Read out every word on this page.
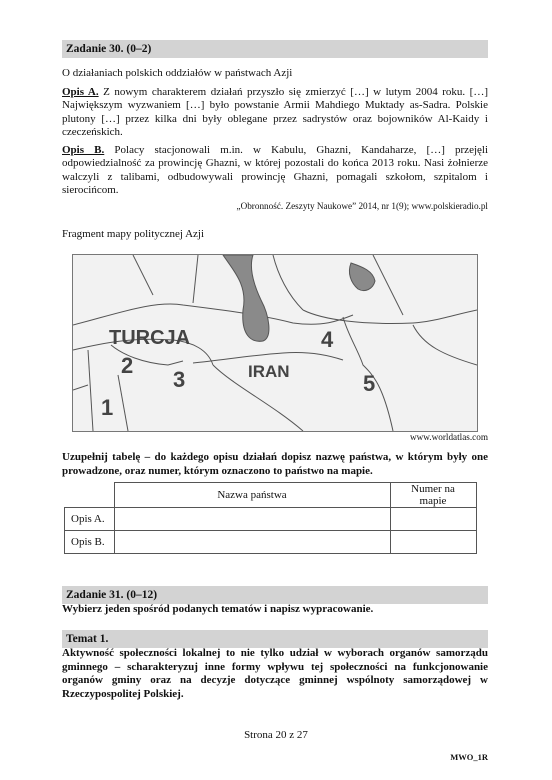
Zadanie 30. (0–2)

O działaniach polskich oddziałów w państwach Azji

Opis A. Z nowym charakterem działań przyszło się zmierzyć […] w lutym 2004 roku. […] Największym wyzwaniem […] było powstanie Armii Mahdiego Muktady as-Sadra. Polskie plutony […] przez kilka dni były oblegane przez sadrystów oraz bojowników Al-Kaidy i czeczeńskich.

Opis B. Polacy stacjonowali m.in. w Kabulu, Ghazni, Kandaharze, […] przejęli odpowiedzialność za prowincję Ghazni, w której pozostali do końca 2013 roku. Nasi żołnierze walczyli z talibami, odbudowywali prowincję Ghazni, pomagali szkołom, szpitalom i sierocińcom.

„Obronność. Zeszyty Naukowe” 2014, nr 1(9); www.polskieradio.pl

Fragment mapy politycznej Azji

TURCJA
IRAN
1
2
3
4
5
www.worldatlas.com

Uzupełnij tabelę – do każdego opisu działań dopisz nazwę państwa, w którym były one prowadzone, oraz numer, którym oznaczono to państwo na mapie.

	Nazwa państwa	Numer na mapie
Opis A.		
Opis B.		
Zadanie 31. (0–12)

Wybierz jeden spośród podanych tematów i napisz wypracowanie.

Temat 1.

Aktywność społeczności lokalnej to nie tylko udział w wyborach organów samorządu gminnego – scharakteryzuj inne formy wpływu tej społeczności na funkcjonowanie organów gminy oraz na decyzje dotyczące gminnej wspólnoty samorządowej w Rzeczypospolitej Polskiej.

Strona 20 z 27
MWO_1R
